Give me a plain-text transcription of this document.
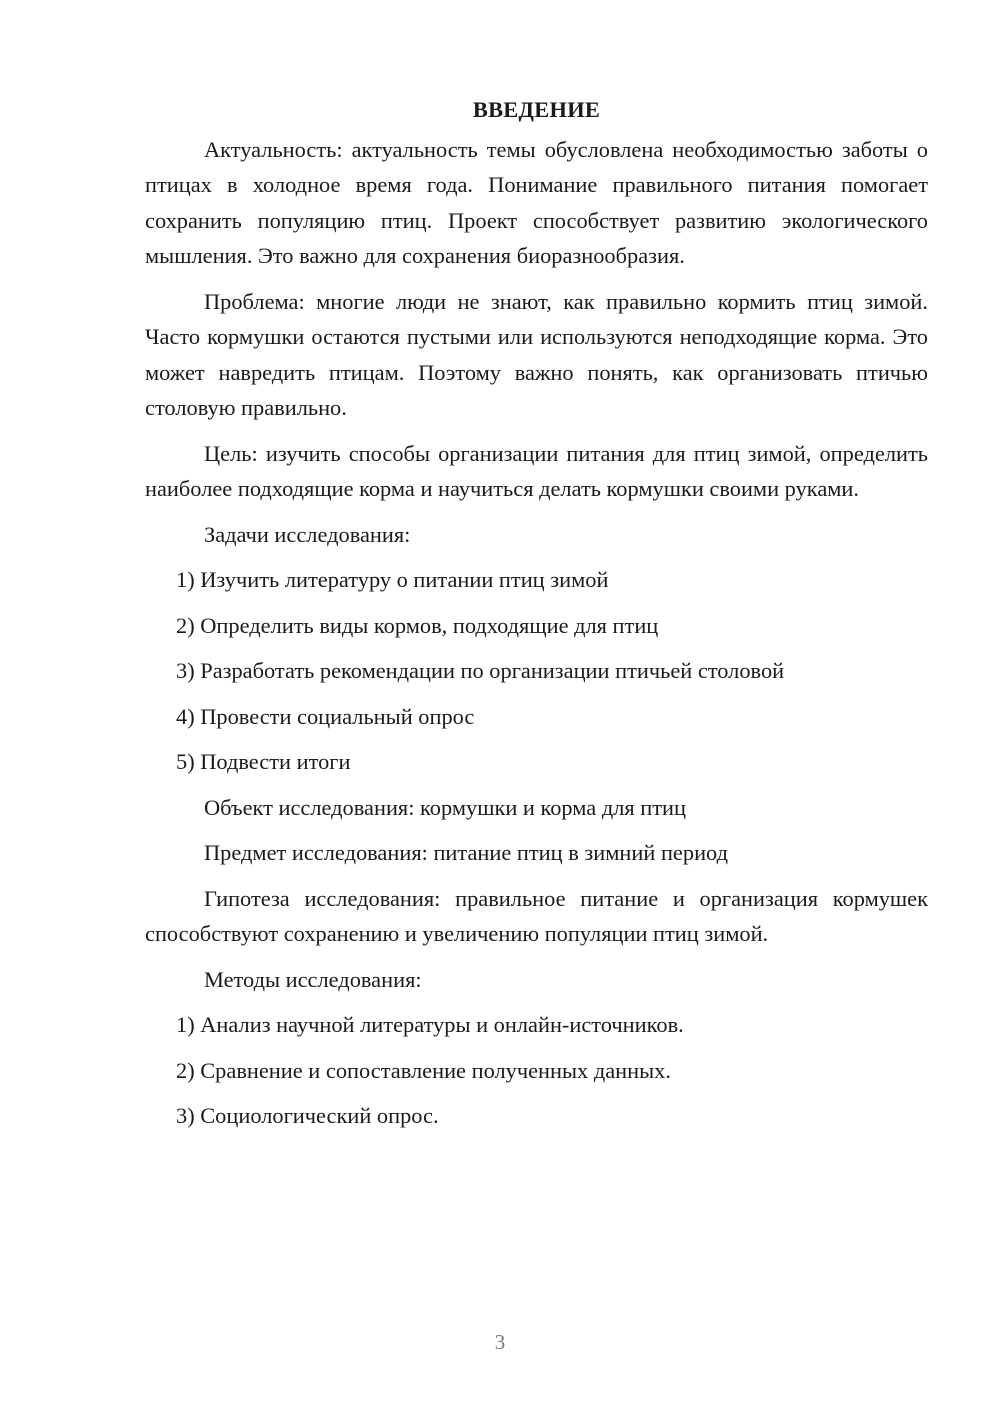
ВВЕДЕНИЕ

Актуальность: актуальность темы обусловлена необходимостью заботы о птицах в холодное время года. Понимание правильного питания помогает сохранить популяцию птиц. Проект способствует развитию экологического мышления. Это важно для сохранения биоразнообразия.

Проблема: многие люди не знают, как правильно кормить птиц зимой. Часто кормушки остаются пустыми или используются неподходящие корма. Это может навредить птицам. Поэтому важно понять, как организовать птичью столовую правильно.

Цель: изучить способы организации питания для птиц зимой, определить наиболее подходящие корма и научиться делать кормушки своими руками.

Задачи исследования:
1) Изучить литературу о питании птиц зимой
2) Определить виды кормов, подходящие для птиц
3) Разработать рекомендации по организации птичьей столовой
4) Провести социальный опрос
5) Подвести итоги
Объект исследования: кормушки и корма для птиц
Предмет исследования: питание птиц в зимний период

Гипотеза исследования: правильное питание и организация кормушек способствуют сохранению и увеличению популяции птиц зимой.

Методы исследования:
1) Анализ научной литературы и онлайн-источников.
2) Сравнение и сопоставление полученных данных.
3) Социологический опрос.
3
